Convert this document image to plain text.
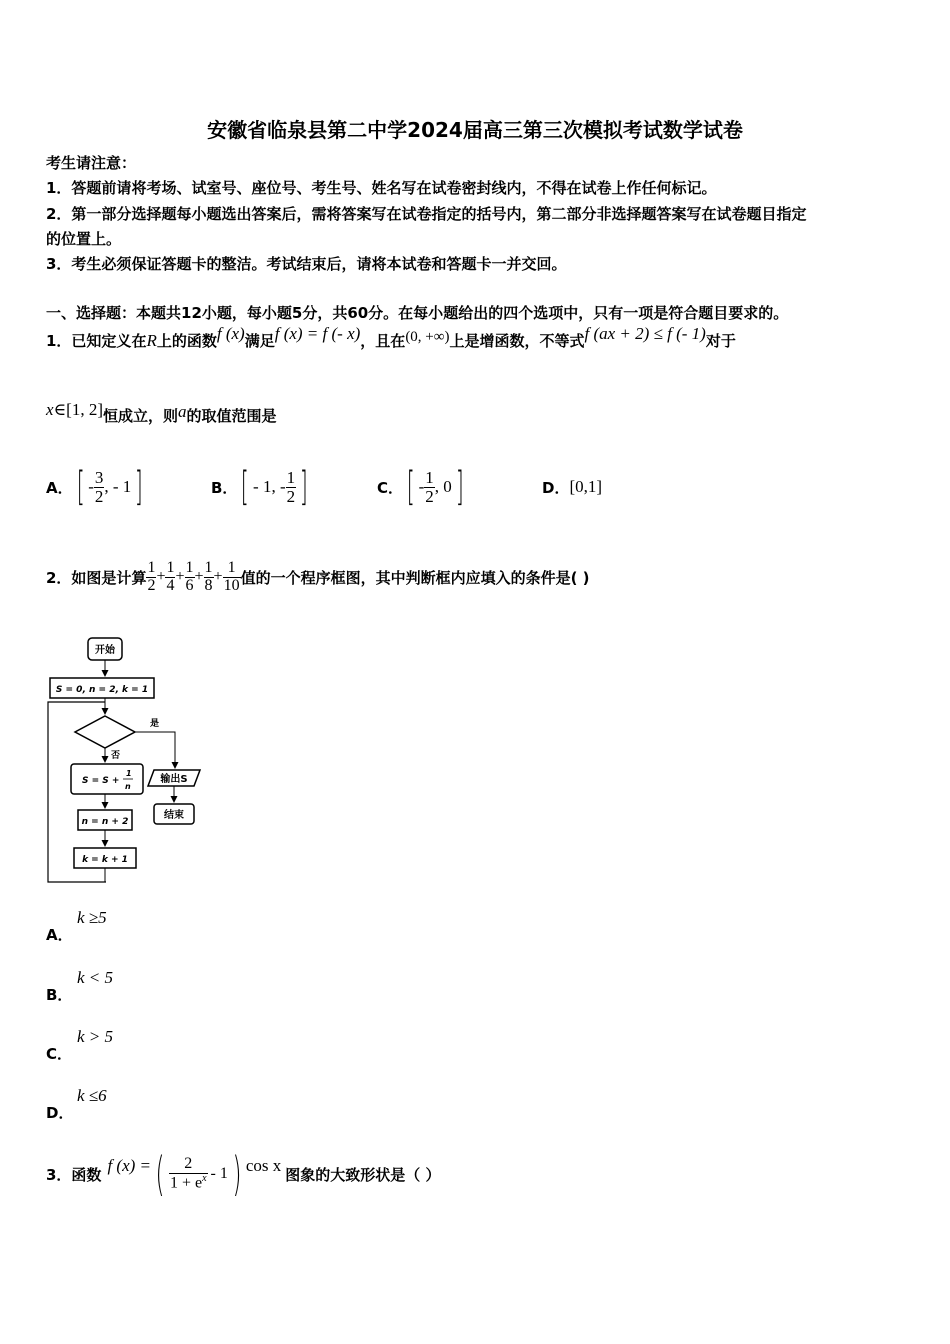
安徽省临泉县第二中学2024届高三第三次模拟考试数学试卷
考生请注意：
1．答题前请将考场、试室号、座位号、考生号、姓名写在试卷密封线内，不得在试卷上作任何标记。
2．第一部分选择题每小题选出答案后，需将答案写在试卷指定的括号内，第二部分非选择题答案写在试卷题目指定
的位置上。
3．考生必须保证答题卡的整洁。考试结束后，请将本试卷和答题卡一并交回。
一、选择题：本题共12小题，每小题5分，共60分。在每小题给出的四个选项中，只有一项是符合题目要求的。
1．已知定义在R上的函数f (x)满足f (x) = f (- x)，且在(0, +∞)上是增函数，不等式f (ax + 2) ≤ f (- 1)对于
x∈[1, 2]恒成立，则a的取值范围是
A． [ - $\frac{3}{2}$ , - 1 ]	B． [ - 1, - $\frac{1}{2}$ ]	C． [ - $\frac{1}{2}$ , 0 ]	D． [0,1]
2．如图是计算 $\frac{1}{2} + \frac{1}{4} + \frac{1}{6} + \frac{1}{8} + \frac{1}{10}$ 值的一个程序框图，其中判断框内应填入的条件是( )
开始
S = 0, n = 2, k = 1
是
否
S = S +
1
n
n = n + 2
k = k + 1
输出S
结束
A．
k ≥5
B．
k < 5
C．
k > 5
D．
k ≤6
3．函数 f (x) = ( $\frac{2}{1 + e^x} - 1$ ) cos x 图象的大致形状是（ ）
